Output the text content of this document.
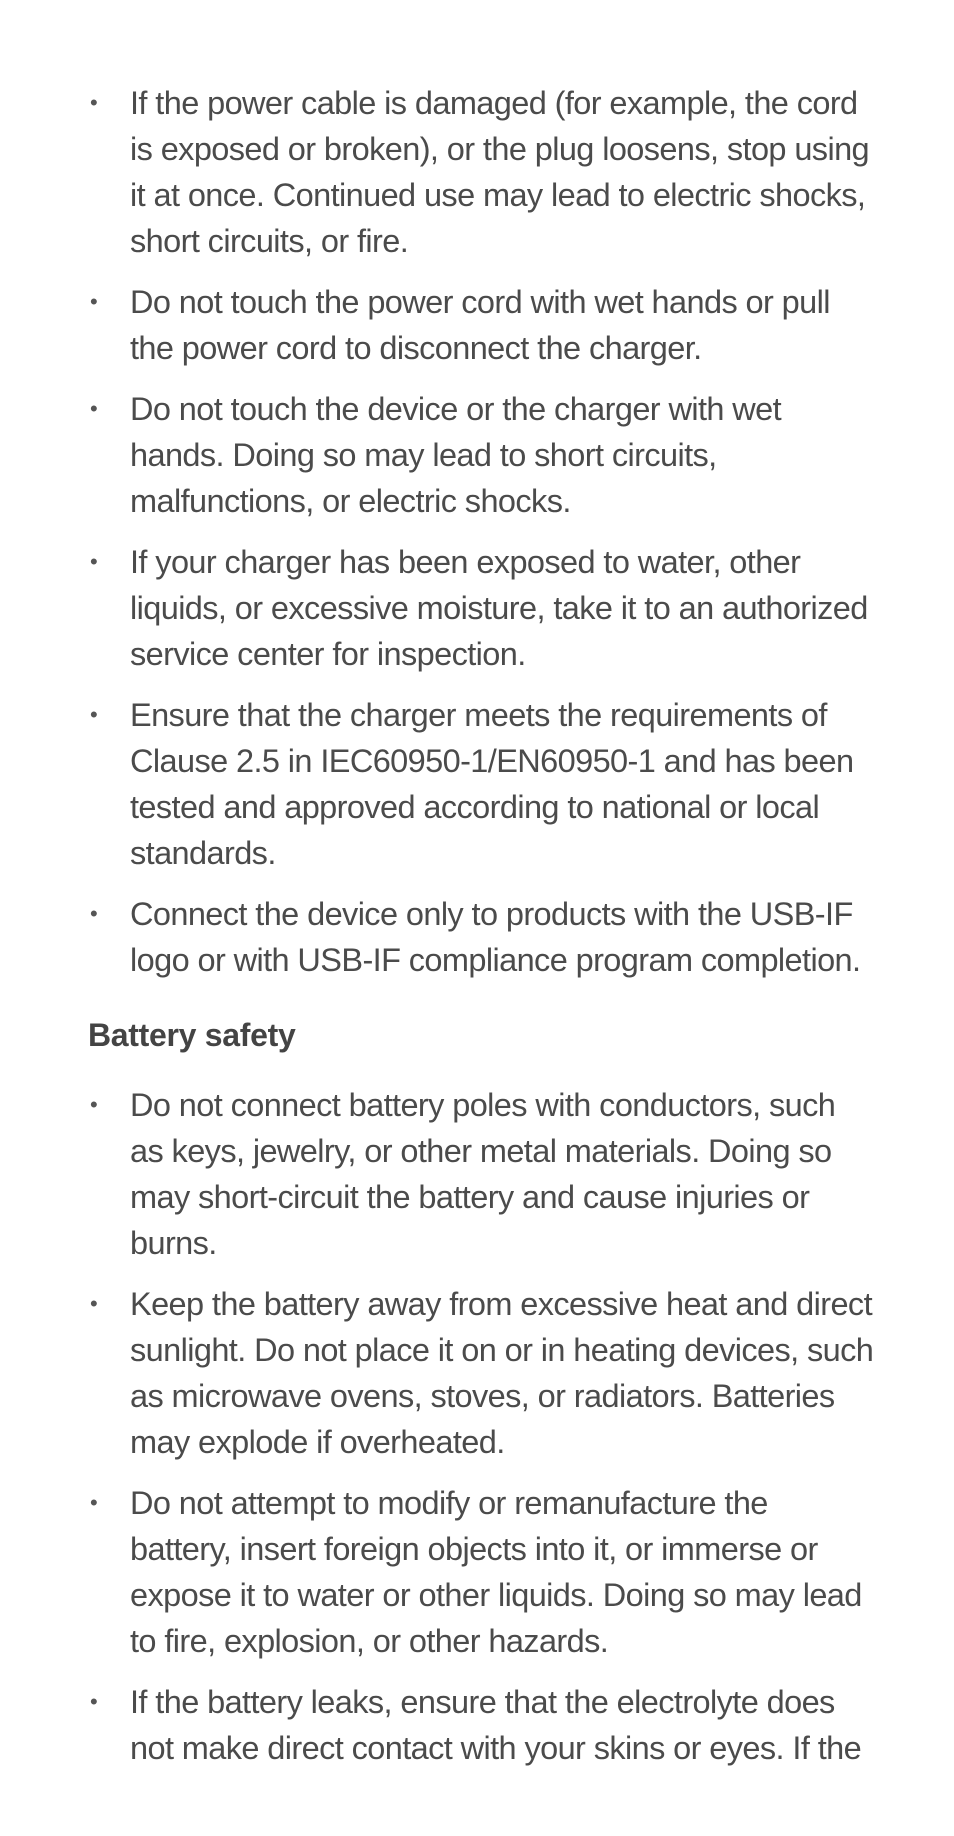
• If the power cable is damaged (for example, the cord is exposed or broken), or the plug loosens, stop using it at once. Continued use may lead to electric shocks, short circuits, or fire.
• Do not touch the power cord with wet hands or pull the power cord to disconnect the charger.
• Do not touch the device or the charger with wet hands. Doing so may lead to short circuits, malfunctions, or electric shocks.
• If your charger has been exposed to water, other liquids, or excessive moisture, take it to an authorized service center for inspection.
• Ensure that the charger meets the requirements of Clause 2.5 in IEC60950-1/EN60950-1 and has been tested and approved according to national or local standards.
• Connect the device only to products with the USB-IF logo or with USB-IF compliance program completion.
Battery safety
• Do not connect battery poles with conductors, such as keys, jewelry, or other metal materials. Doing so may short-circuit the battery and cause injuries or burns.
• Keep the battery away from excessive heat and direct sunlight. Do not place it on or in heating devices, such as microwave ovens, stoves, or radiators. Batteries may explode if overheated.
• Do not attempt to modify or remanufacture the battery, insert foreign objects into it, or immerse or expose it to water or other liquids. Doing so may lead to fire, explosion, or other hazards.
• If the battery leaks, ensure that the electrolyte does not make direct contact with your skins or eyes. If the
